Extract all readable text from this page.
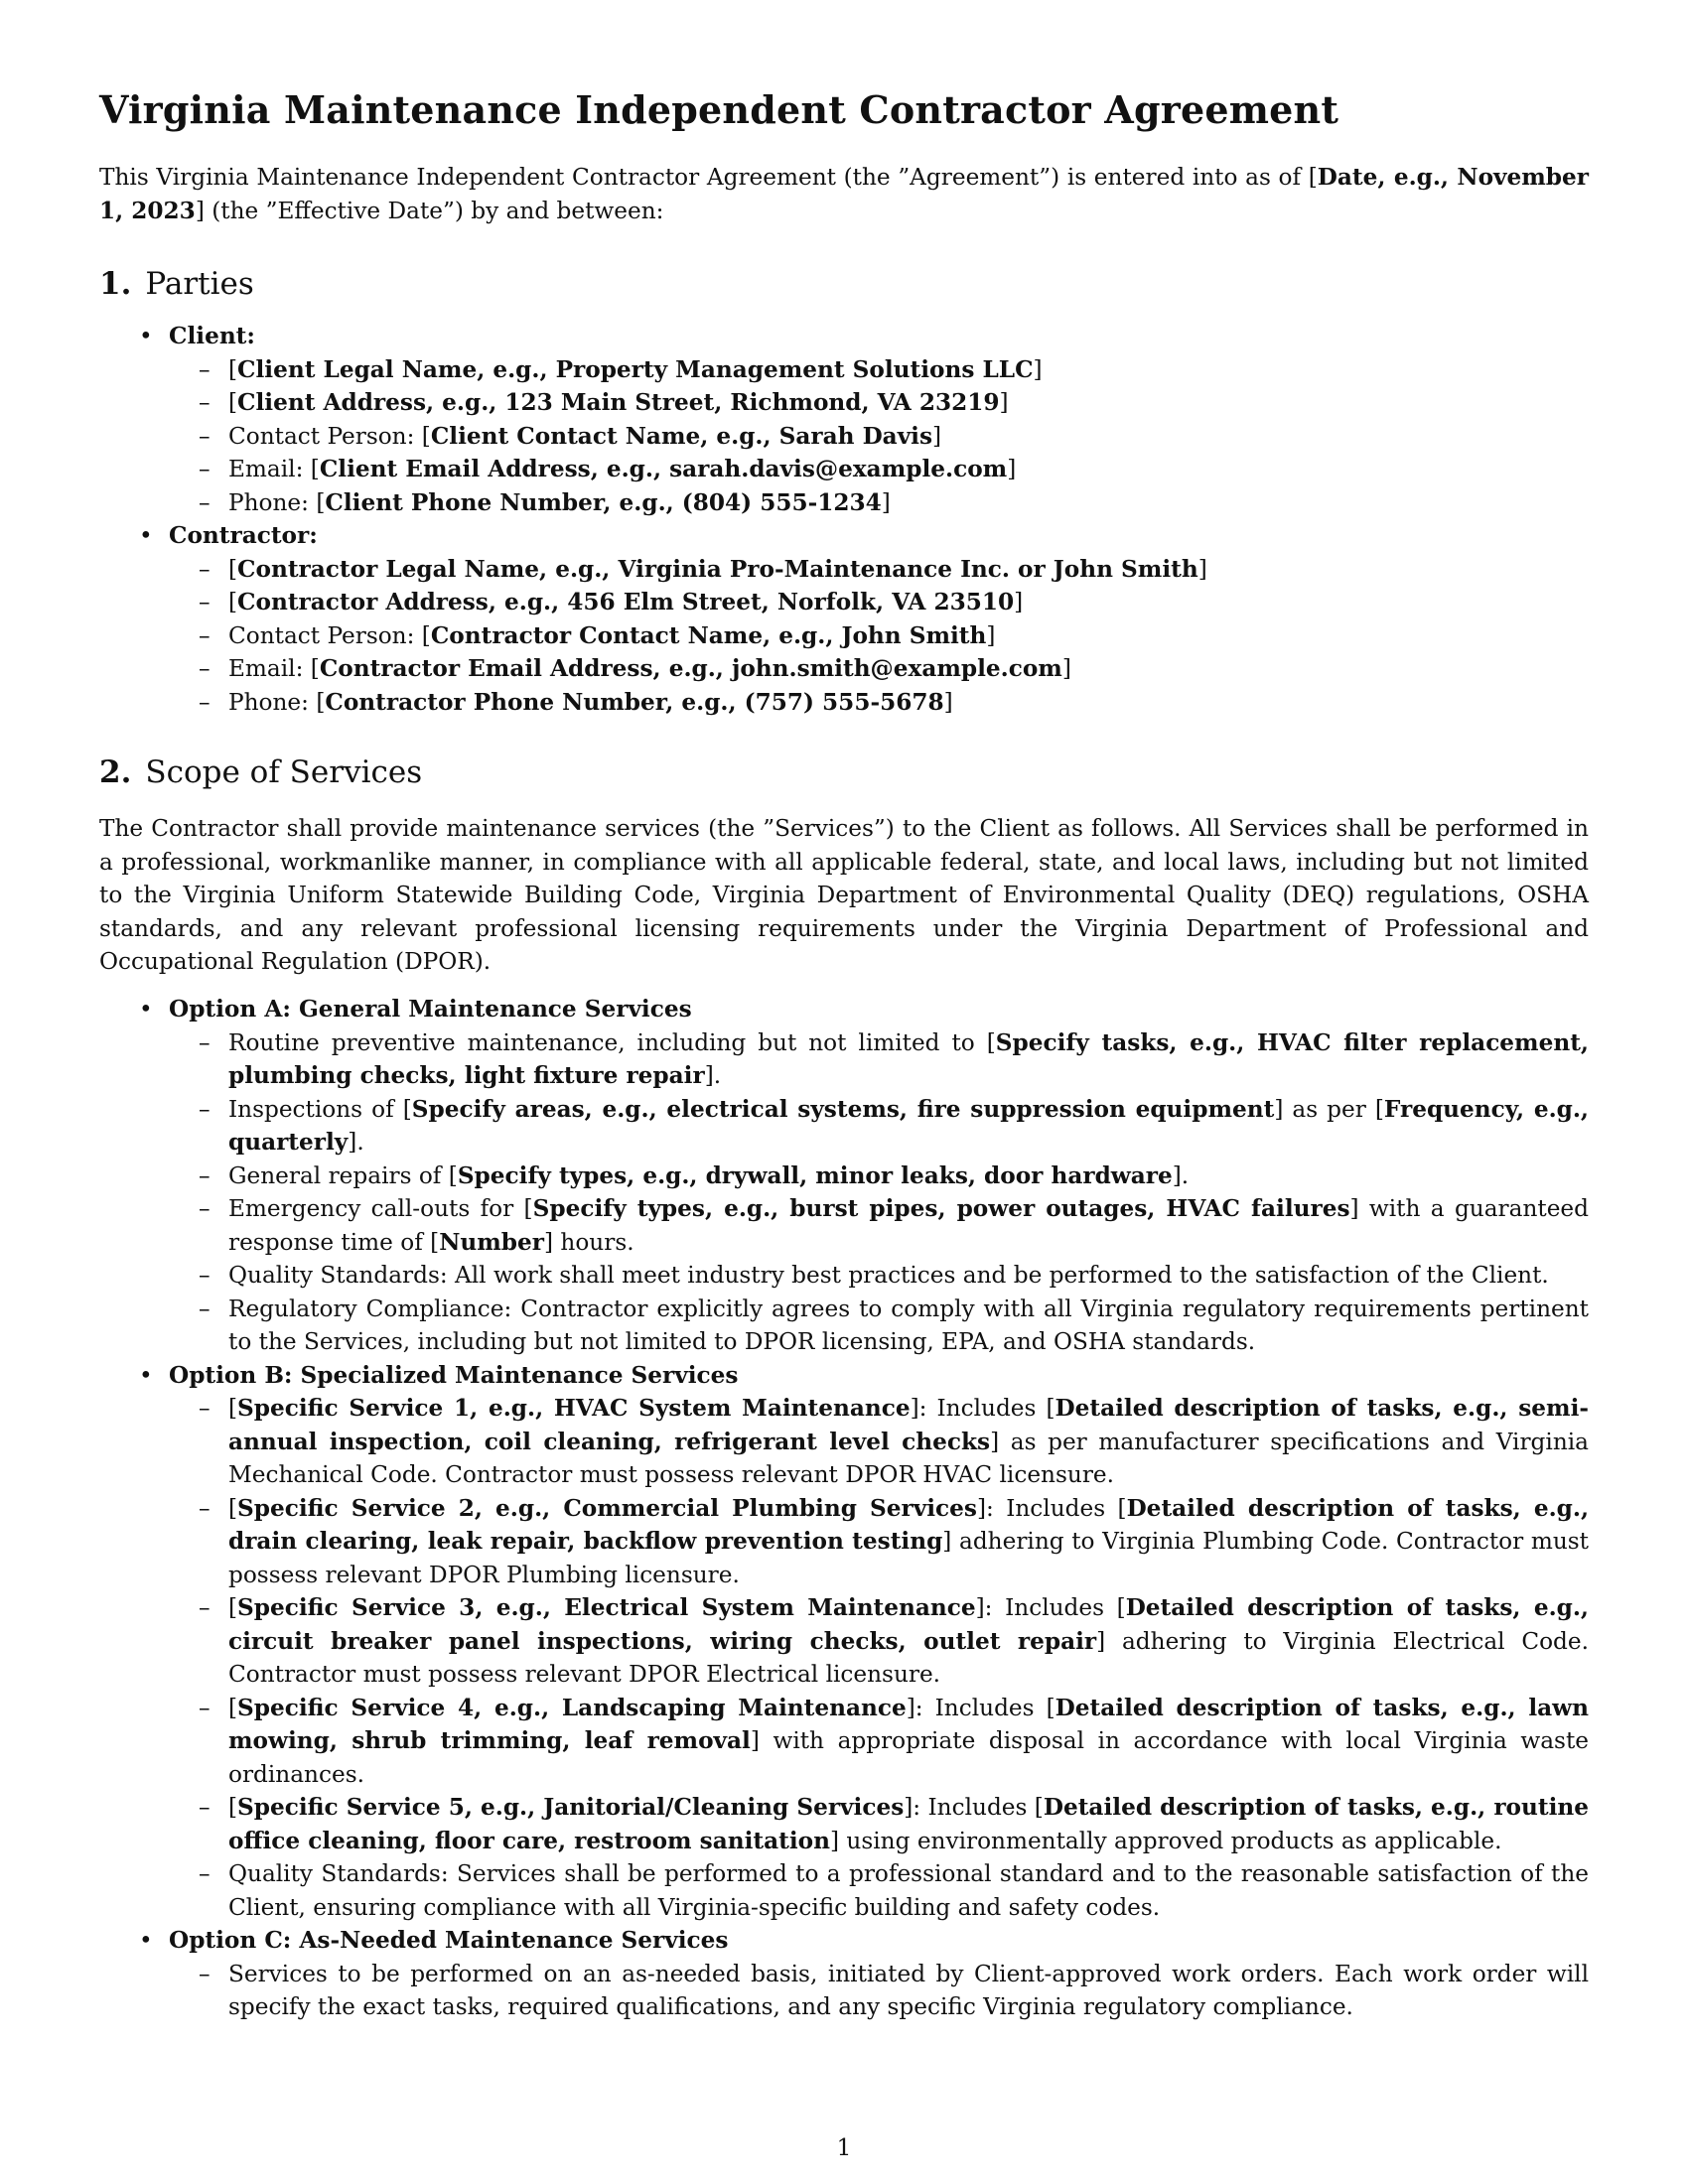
Virginia Maintenance Independent Contractor Agreement

This Virginia Maintenance Independent Contractor Agreement (the ”Agreement”) is entered into as of [Date, e.g., November 1, 2023] (the ”Effective Date”) by and between:

1. Parties
• Client:
– [Client Legal Name, e.g., Property Management Solutions LLC]
– [Client Address, e.g., 123 Main Street, Richmond, VA 23219]
– Contact Person: [Client Contact Name, e.g., Sarah Davis]
– Email: [Client Email Address, e.g., sarah.davis@example.com]
– Phone: [Client Phone Number, e.g., (804) 555-1234]
• Contractor:
– [Contractor Legal Name, e.g., Virginia Pro-Maintenance Inc. or John Smith]
– [Contractor Address, e.g., 456 Elm Street, Norfolk, VA 23510]
– Contact Person: [Contractor Contact Name, e.g., John Smith]
– Email: [Contractor Email Address, e.g., john.smith@example.com]
– Phone: [Contractor Phone Number, e.g., (757) 555-5678]
2. Scope of Services

The Contractor shall provide maintenance services (the ”Services”) to the Client as follows. All Services shall be performed in a professional, workmanlike manner, in compliance with all applicable federal, state, and local laws, including but not limited to the Virginia Uniform Statewide Building Code, Virginia Department of Environmental Quality (DEQ) regulations, OSHA standards, and any relevant professional licensing requirements under the Virginia Department of Professional and Occupational Regulation (DPOR).

• Option A: General Maintenance Services
– Routine preventive maintenance, including but not limited to [Specify tasks, e.g., HVAC filter replacement, plumbing checks, light fixture repair].
– Inspections of [Specify areas, e.g., electrical systems, fire suppression equipment] as per [Frequency, e.g., quarterly].
– General repairs of [Specify types, e.g., drywall, minor leaks, door hardware].
– Emergency call-outs for [Specify types, e.g., burst pipes, power outages, HVAC failures] with a guaranteed response time of [Number] hours.
– Quality Standards: All work shall meet industry best practices and be performed to the satisfaction of the Client.
– Regulatory Compliance: Contractor explicitly agrees to comply with all Virginia regulatory requirements pertinent to the Services, including but not limited to DPOR licensing, EPA, and OSHA standards.
• Option B: Specialized Maintenance Services
– [Specific Service 1, e.g., HVAC System Maintenance]: Includes [Detailed description of tasks, e.g., semi-annual inspection, coil cleaning, refrigerant level checks] as per manufacturer specifications and Virginia Mechanical Code. Contractor must possess relevant DPOR HVAC licensure.
– [Specific Service 2, e.g., Commercial Plumbing Services]: Includes [Detailed description of tasks, e.g., drain clearing, leak repair, backflow prevention testing] adhering to Virginia Plumbing Code. Contractor must possess relevant DPOR Plumbing licensure.
– [Specific Service 3, e.g., Electrical System Maintenance]: Includes [Detailed description of tasks, e.g., circuit breaker panel inspections, wiring checks, outlet repair] adhering to Virginia Electrical Code. Contractor must possess relevant DPOR Electrical licensure.
– [Specific Service 4, e.g., Landscaping Maintenance]: Includes [Detailed description of tasks, e.g., lawn mowing, shrub trimming, leaf removal] with appropriate disposal in accordance with local Virginia waste ordinances.
– [Specific Service 5, e.g., Janitorial/Cleaning Services]: Includes [Detailed description of tasks, e.g., routine office cleaning, floor care, restroom sanitation] using environmentally approved products as applicable.
– Quality Standards: Services shall be performed to a professional standard and to the reasonable satisfaction of the Client, ensuring compliance with all Virginia-specific building and safety codes.
• Option C: As-Needed Maintenance Services
– Services to be performed on an as-needed basis, initiated by Client-approved work orders. Each work order will specify the exact tasks, required qualifications, and any specific Virginia regulatory compliance.
1
